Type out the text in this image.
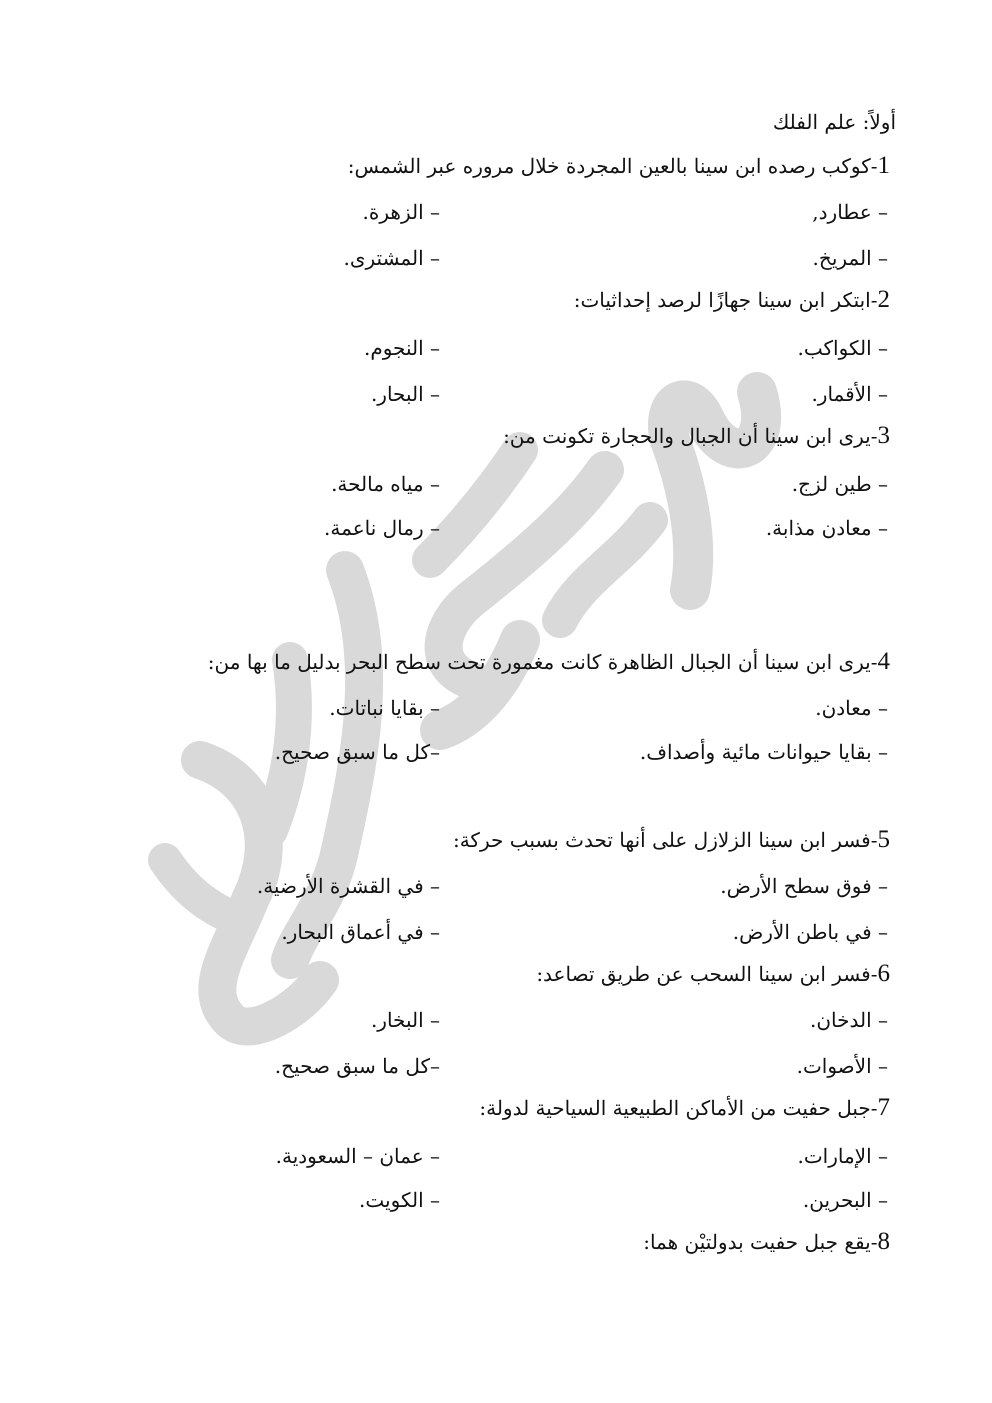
أولاً: علم الفلك
1-كوكب رصده ابن سينا بالعين المجردة خلال مروره عبر الشمس:
– عطارد,
– الزهرة.
– المريخ.
– المشترى.
2-ابتكر ابن سينا جهازًا لرصد إحداثيات:
– الكواكب.
– النجوم.
– الأقمار.
– البحار.
3-يرى ابن سينا أن الجبال والحجارة تكونت من:
– طين لزج.
– مياه مالحة.
– معادن مذابة.
– رمال ناعمة.
4-يرى ابن سينا أن الجبال الظاهرة كانت مغمورة تحت سطح البحر بدليل ما بها من:
– معادن.
– بقايا نباتات.
– بقايا حيوانات مائية وأصداف.
–كل ما سبق صحيح.
5-فسر ابن سينا الزلازل على أنها تحدث بسبب حركة:
– فوق سطح الأرض.
– في القشرة الأرضية.
– في باطن الأرض.
– في أعماق البحار.
6-فسر ابن سينا السحب عن طريق تصاعد:
– الدخان.
– البخار.
– الأصوات.
–كل ما سبق صحيح.
7-جبل حفيت من الأماكن الطبيعية السياحية لدولة:
– الإمارات.
– عمان – السعودية.
– البحرين.
– الكويت.
8-يقع جبل حفيت بدولتيْن هما:
